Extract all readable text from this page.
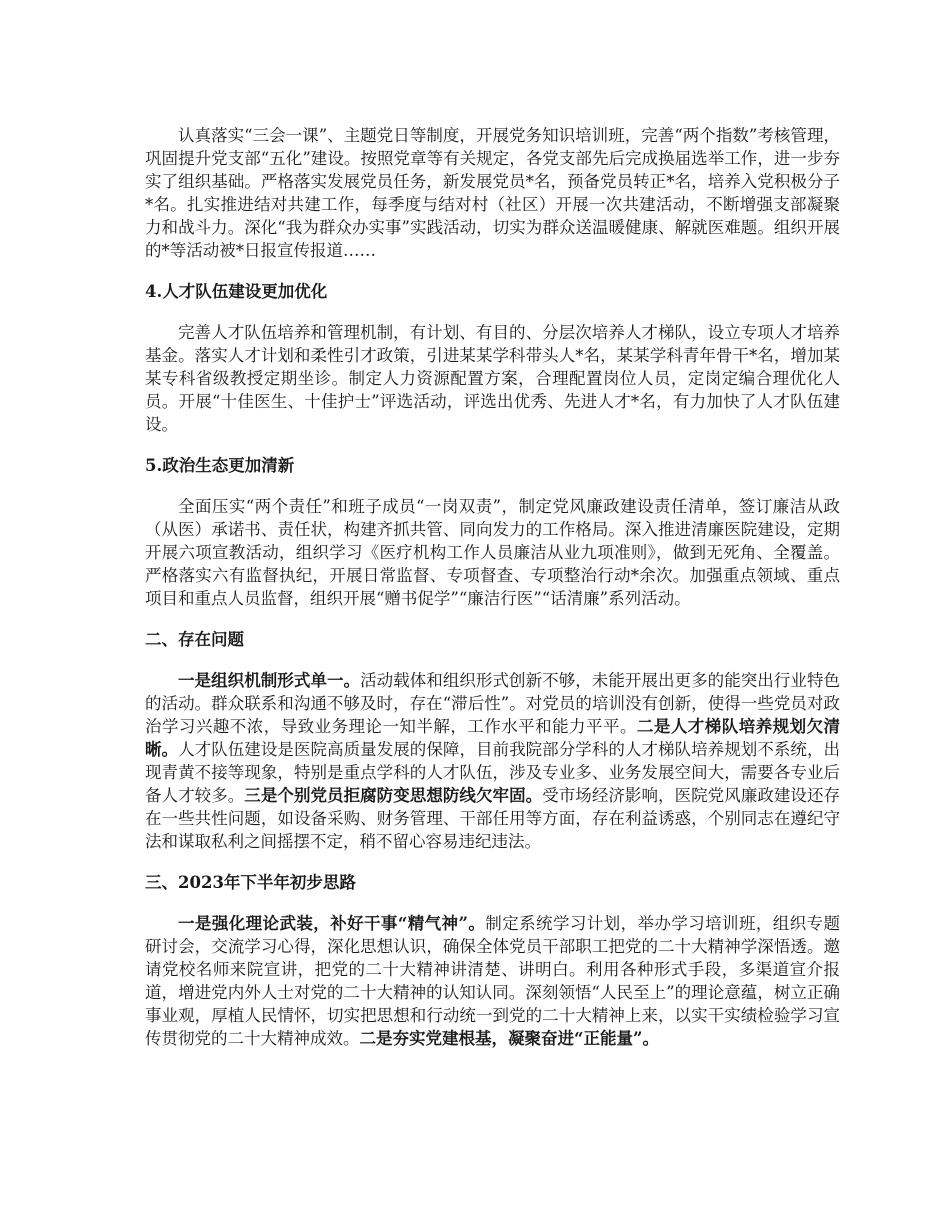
认真落实“三会一课”、主题党日等制度，开展党务知识培训班，完善“两个指数”考核管理，巩固提升党支部“五化”建设。按照党章等有关规定，各党支部先后完成换届选举工作，进一步夯实了组织基础。严格落实发展党员任务，新发展党员*名，预备党员转正*名，培养入党积极分子*名。扎实推进结对共建工作，每季度与结对村（社区）开展一次共建活动，不断增强支部凝聚力和战斗力。深化“我为群众办实事”实践活动，切实为群众送温暖健康、解就医难题。组织开展的*等活动被*日报宣传报道……

4.人才队伍建设更加优化

完善人才队伍培养和管理机制，有计划、有目的、分层次培养人才梯队，设立专项人才培养基金。落实人才计划和柔性引才政策，引进某某学科带头人*名，某某学科青年骨干*名，增加某某专科省级教授定期坐诊。制定人力资源配置方案，合理配置岗位人员，定岗定编合理优化人员。开展“十佳医生、十佳护士”评选活动，评选出优秀、先进人才*名，有力加快了人才队伍建设。

5.政治生态更加清新

全面压实“两个责任”和班子成员“一岗双责”，制定党风廉政建设责任清单，签订廉洁从政（从医）承诺书、责任状，构建齐抓共管、同向发力的工作格局。深入推进清廉医院建设，定期开展六项宣教活动，组织学习《医疗机构工作人员廉洁从业九项准则》，做到无死角、全覆盖。严格落实六有监督执纪，开展日常监督、专项督查、专项整治行动*余次。加强重点领域、重点项目和重点人员监督，组织开展“赠书促学”“廉洁行医”“话清廉”系列活动。

二、存在问题

一是组织机制形式单一。活动载体和组织形式创新不够，未能开展出更多的能突出行业特色的活动。群众联系和沟通不够及时，存在“滞后性”。对党员的培训没有创新，使得一些党员对政治学习兴趣不浓，导致业务理论一知半解，工作水平和能力平平。二是人才梯队培养规划欠清晰。人才队伍建设是医院高质量发展的保障，目前我院部分学科的人才梯队培养规划不系统，出现青黄不接等现象，特别是重点学科的人才队伍，涉及专业多、业务发展空间大，需要各专业后备人才较多。三是个别党员拒腐防变思想防线欠牢固。受市场经济影响，医院党风廉政建设还存在一些共性问题，如设备采购、财务管理、干部任用等方面，存在利益诱惑，个别同志在遵纪守法和谋取私利之间摇摆不定，稍不留心容易违纪违法。

三、2023年下半年初步思路

一是强化理论武装，补好干事“精气神”。制定系统学习计划，举办学习培训班，组织专题研讨会，交流学习心得，深化思想认识，确保全体党员干部职工把党的二十大精神学深悟透。邀请党校名师来院宣讲，把党的二十大精神讲清楚、讲明白。利用各种形式手段，多渠道宣介报道，增进党内外人士对党的二十大精神的认知认同。深刻领悟“人民至上”的理论意蕴，树立正确事业观，厚植人民情怀，切实把思想和行动统一到党的二十大精神上来，以实干实绩检验学习宣传贯彻党的二十大精神成效。二是夯实党建根基，凝聚奋进“正能量”。
